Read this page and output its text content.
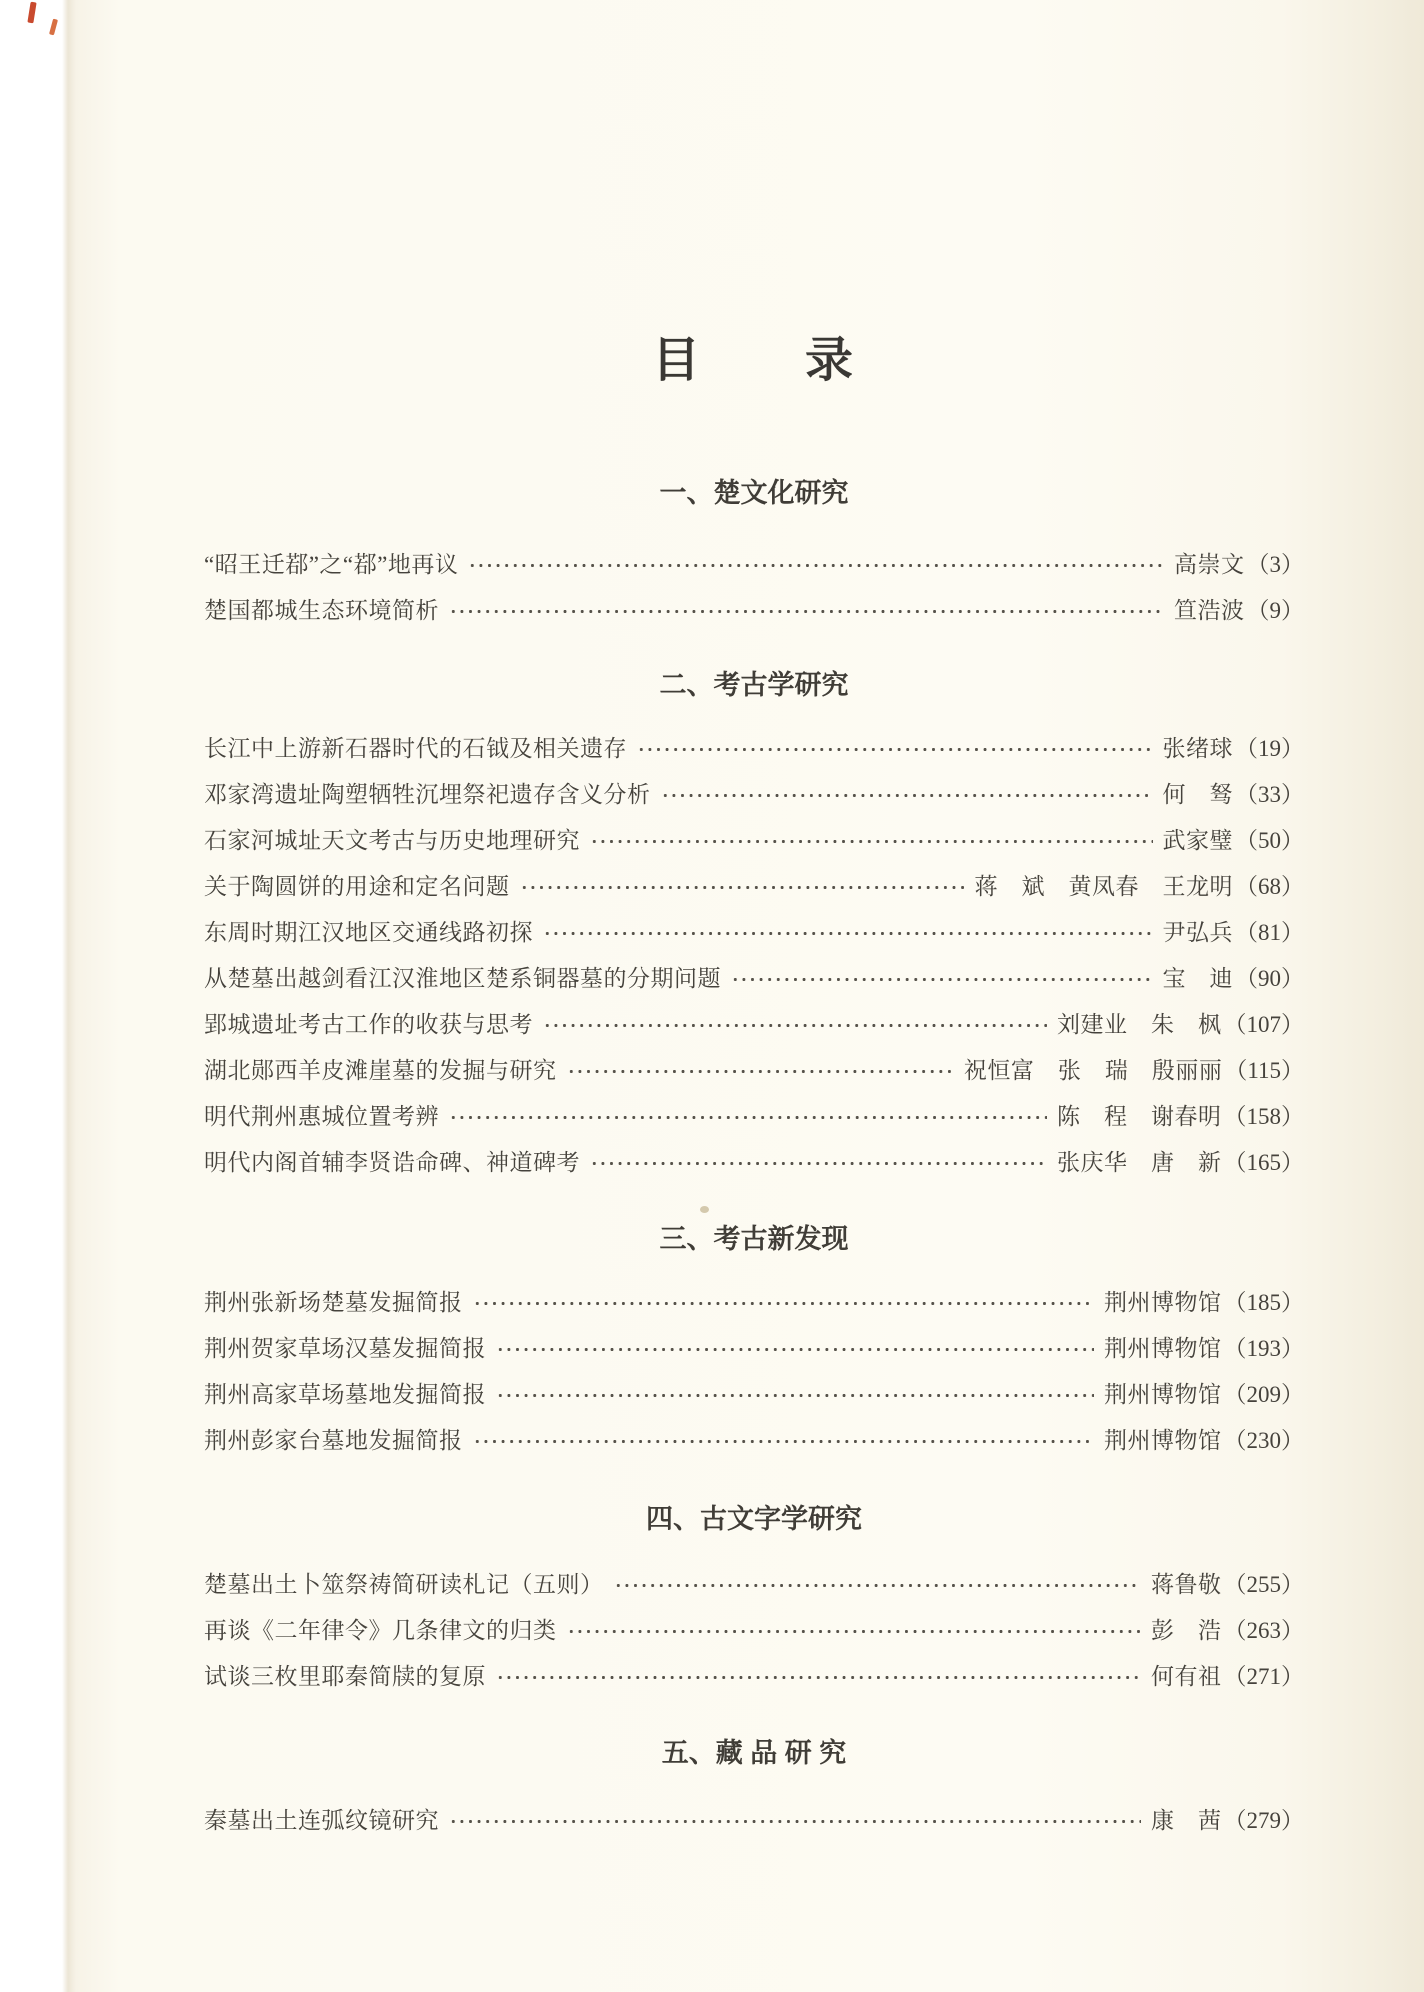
目　　录
一、楚文化研究
“昭王迁鄀”之“鄀”地再议	高崇文 （3）
楚国都城生态环境简析	笪浩波 （9）
二、考古学研究
长江中上游新石器时代的石钺及相关遗存	张绪球 （19）
邓家湾遗址陶塑牺牲沉埋祭祀遗存含义分析	何　驽 （33）
石家河城址天文考古与历史地理研究	武家璧 （50）
关于陶圆饼的用途和定名问题	蒋　斌　黄凤春　王龙明 （68）
东周时期江汉地区交通线路初探	尹弘兵 （81）
从楚墓出越剑看江汉淮地区楚系铜器墓的分期问题	宝　迪 （90）
郢城遗址考古工作的收获与思考	刘建业　朱　枫 （107）
湖北郧西羊皮滩崖墓的发掘与研究	祝恒富　张　瑞　殷丽丽 （115）
明代荆州惠城位置考辨	陈　程　谢春明 （158）
明代内阁首辅李贤诰命碑、神道碑考	张庆华　唐　新 （165）
三、考古新发现
荆州张新场楚墓发掘简报	荆州博物馆 （185）
荆州贺家草场汉墓发掘简报	荆州博物馆 （193）
荆州高家草场墓地发掘简报	荆州博物馆 （209）
荆州彭家台墓地发掘简报	荆州博物馆 （230）
四、古文字学研究
楚墓出土卜筮祭祷简研读札记（五则）	蒋鲁敬 （255）
再谈《二年律令》几条律文的归类	彭　浩 （263）
试谈三枚里耶秦简牍的复原	何有祖 （271）
五、藏 品 研 究
秦墓出土连弧纹镜研究	康　茜 （279）
